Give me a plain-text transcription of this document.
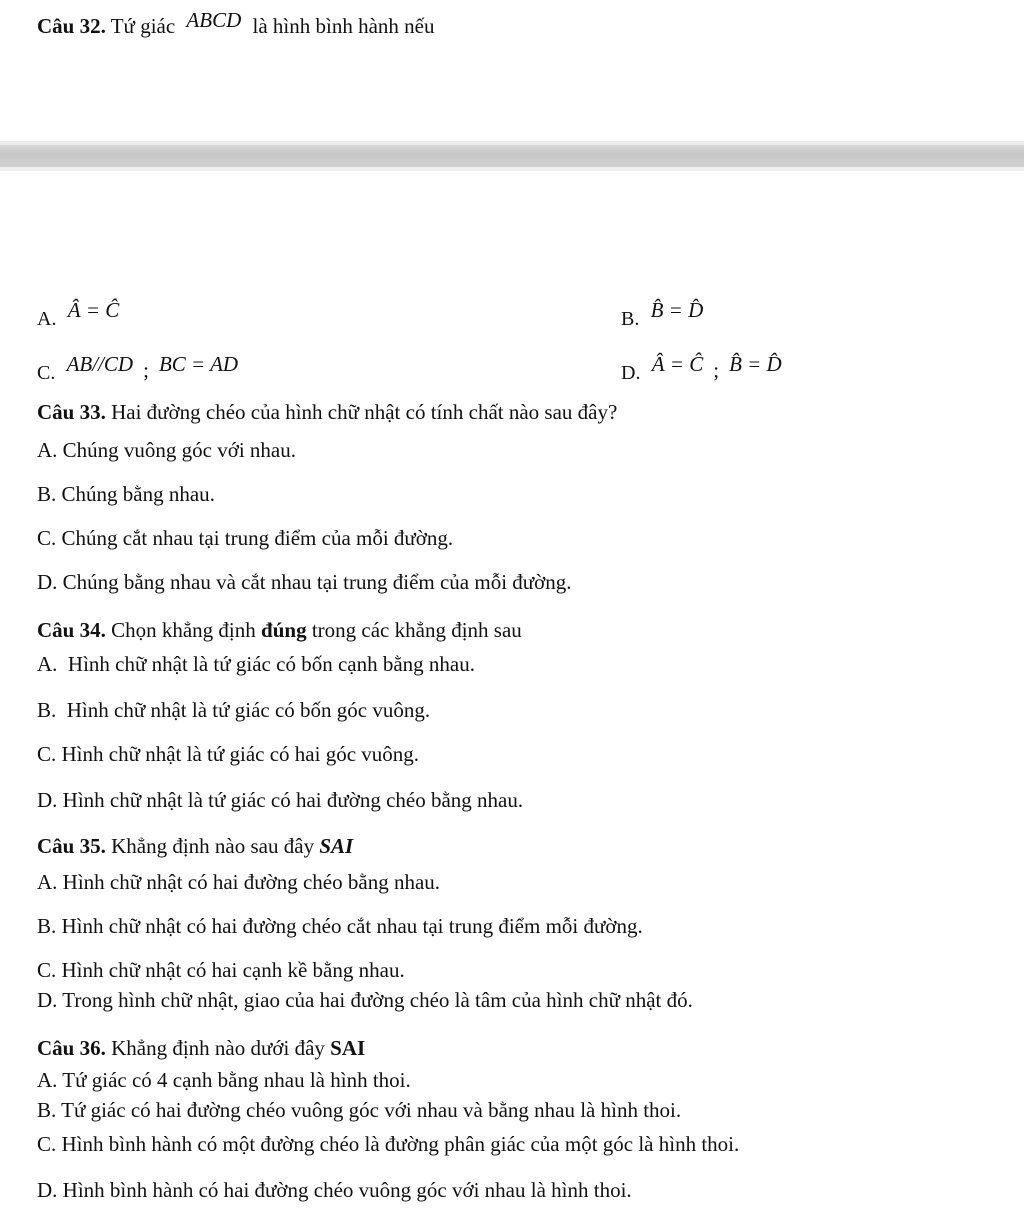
Câu 32. Tứ giác ABCD là hình bình hành nếu
A. Â = Ĉ	B. B̂ = D̂
C. AB//CD ; BC = AD	D. Â = Ĉ ; B̂ = D̂
Câu 33. Hai đường chéo của hình chữ nhật có tính chất nào sau đây?
A. Chúng vuông góc với nhau.
B. Chúng bằng nhau.
C. Chúng cắt nhau tại trung điểm của mỗi đường.
D. Chúng bằng nhau và cắt nhau tại trung điểm của mỗi đường.
Câu 34. Chọn khẳng định đúng trong các khẳng định sau
A.  Hình chữ nhật là tứ giác có bốn cạnh bằng nhau.
B.  Hình chữ nhật là tứ giác có bốn góc vuông.
C. Hình chữ nhật là tứ giác có hai góc vuông.
D. Hình chữ nhật là tứ giác có hai đường chéo bằng nhau.
Câu 35. Khẳng định nào sau đây SAI
A. Hình chữ nhật có hai đường chéo bằng nhau.
B. Hình chữ nhật có hai đường chéo cắt nhau tại trung điểm mỗi đường.
C. Hình chữ nhật có hai cạnh kề bằng nhau.
D. Trong hình chữ nhật, giao của hai đường chéo là tâm của hình chữ nhật đó.
Câu 36. Khẳng định nào dưới đây SAI
A. Tứ giác có 4 cạnh bằng nhau là hình thoi.
B. Tứ giác có hai đường chéo vuông góc với nhau và bằng nhau là hình thoi.
C. Hình bình hành có một đường chéo là đường phân giác của một góc là hình thoi.
D. Hình bình hành có hai đường chéo vuông góc với nhau là hình thoi.
